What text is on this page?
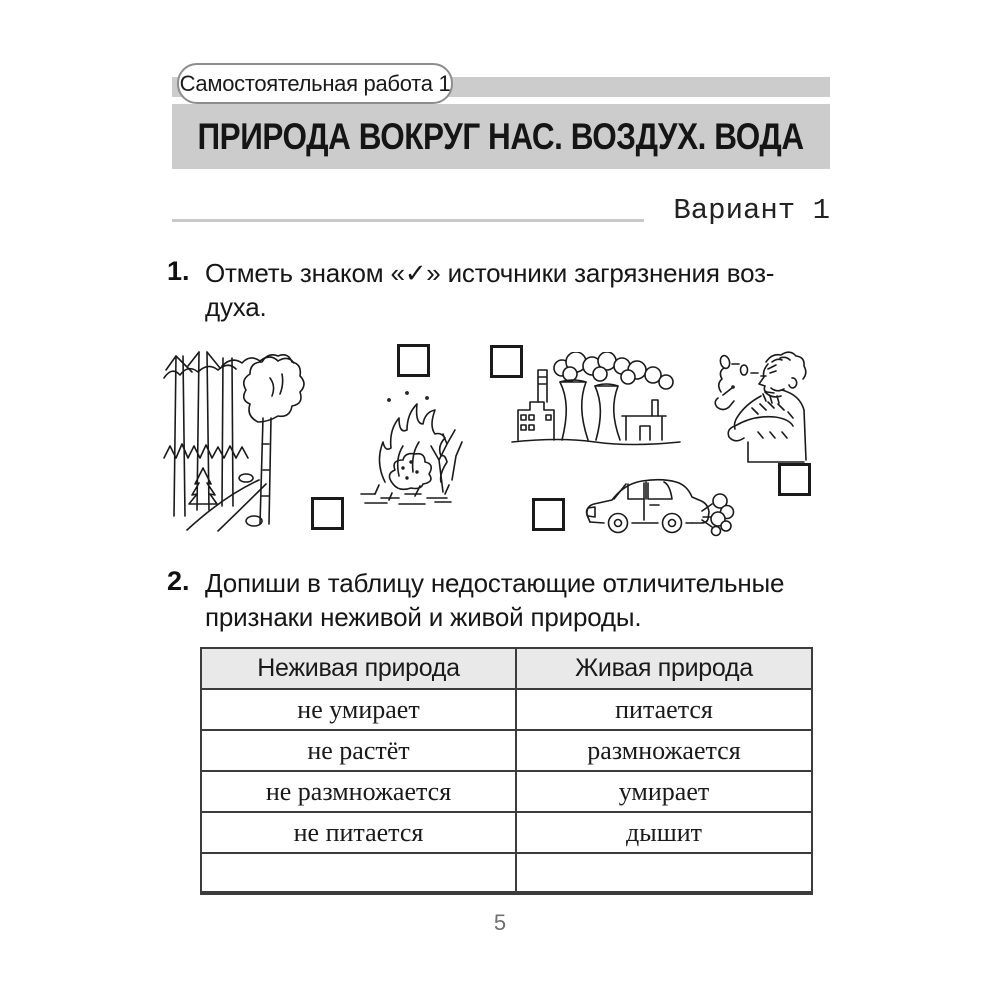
Самостоятельная работа 1
ПРИРОДА ВОКРУГ НАС. ВОЗДУХ. ВОДА
Вариант 1
1. Отметь знаком «✓» источники загрязнения воз-
духа.
2. Допиши в таблицу недостающие отличительные
признаки неживой и живой природы.
Неживая природа	Живая природа
не умирает	питается
не растёт	размножается
не размножается	умирает
не питается	дышит

5
